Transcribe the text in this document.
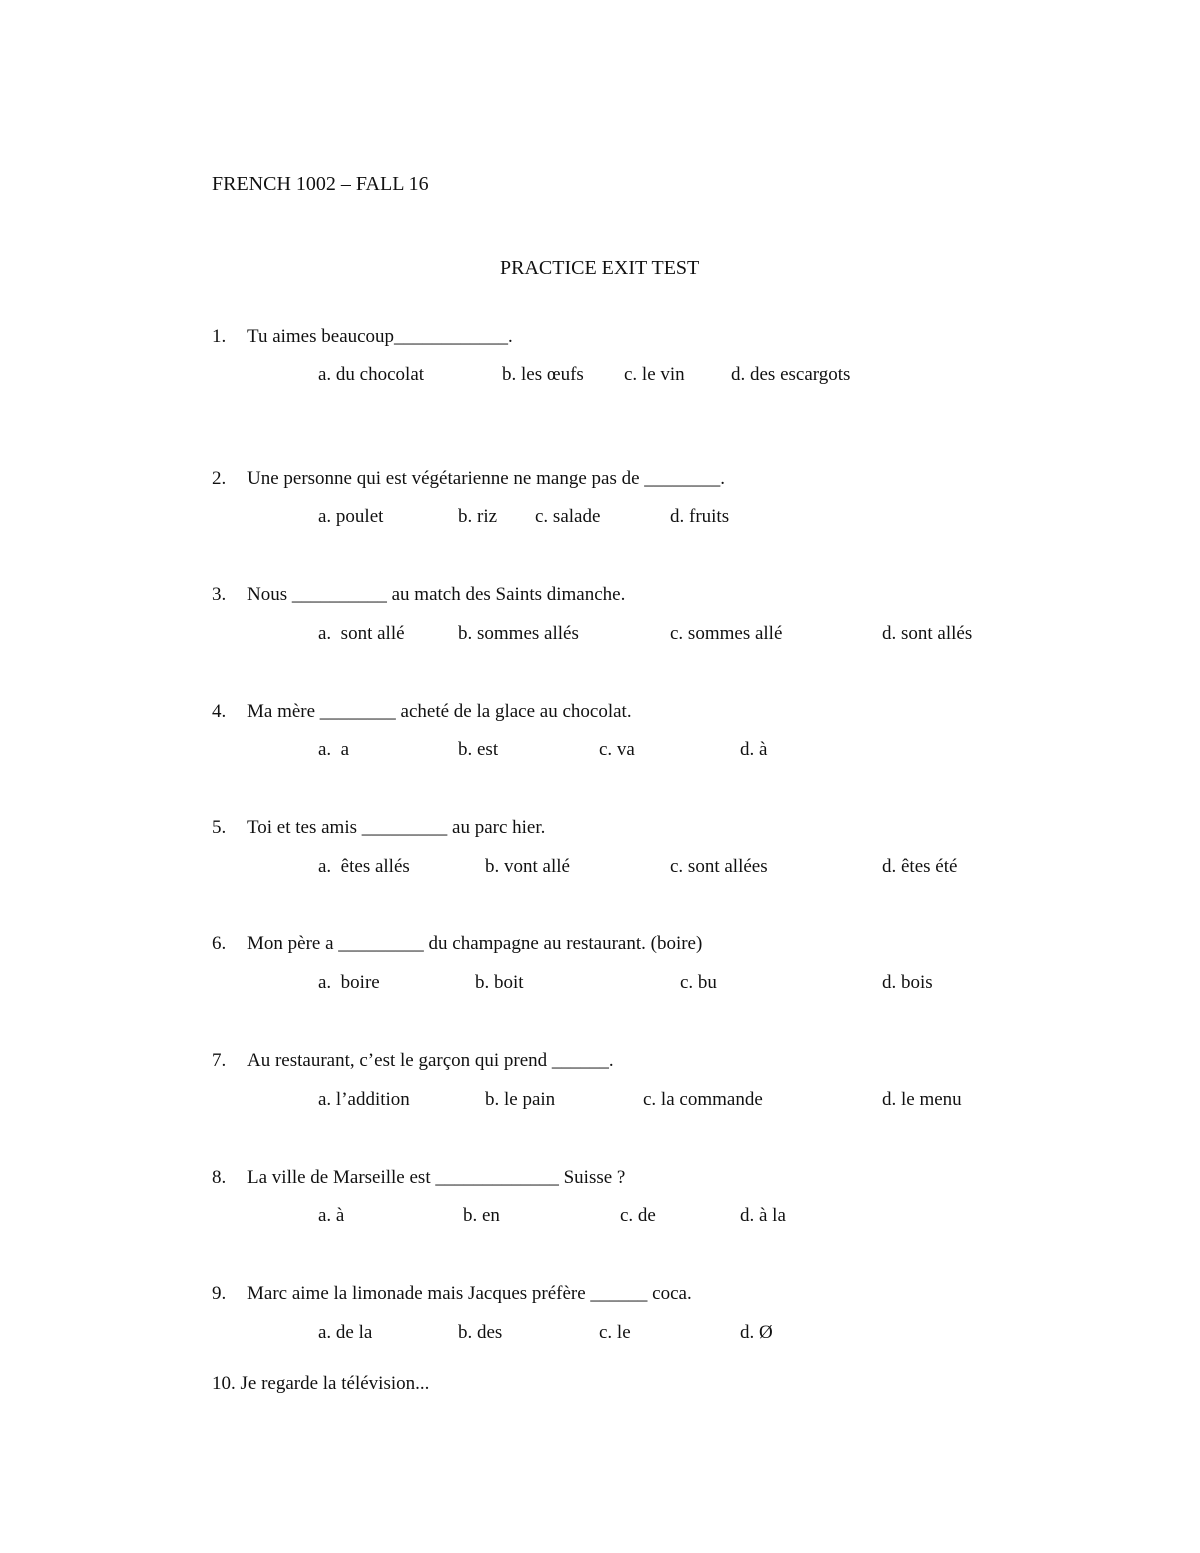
FRENCH 1002 – FALL 16
PRACTICE EXIT TEST
1. Tu aimes beaucoup____________.
a. du chocolat	b. les œufs c. le vin d. des escargots
2. Une personne qui est végétarienne ne mange pas de ________.
a. poulet	b. riz c. salade	d. fruits
3. Nous __________ au match des Saints dimanche.
a.  sont allé	b. sommes allés	c. sommes allé	d. sont allés
4. Ma mère ________ acheté de la glace au chocolat.
a.  a	b. est	c. va	d. à
5. Toi et tes amis _________ au parc hier.
a.  êtes allés	b. vont allé	c. sont allées	d. êtes été
6. Mon père a _________ du champagne au restaurant. (boire)
a.  boire	b. boit	c. bu	d. bois
7. Au restaurant, c’est le garçon qui prend ______.
a. l’addition	b. le pain	c. la commande	d. le menu
8. La ville de Marseille est _____________ Suisse ?
a. à	b. en	c. de	d. à la
9. Marc aime la limonade mais Jacques préfère ______ coca.
a. de la	b. des	c. le	d. Ø
10. Je regarde la télévision...
